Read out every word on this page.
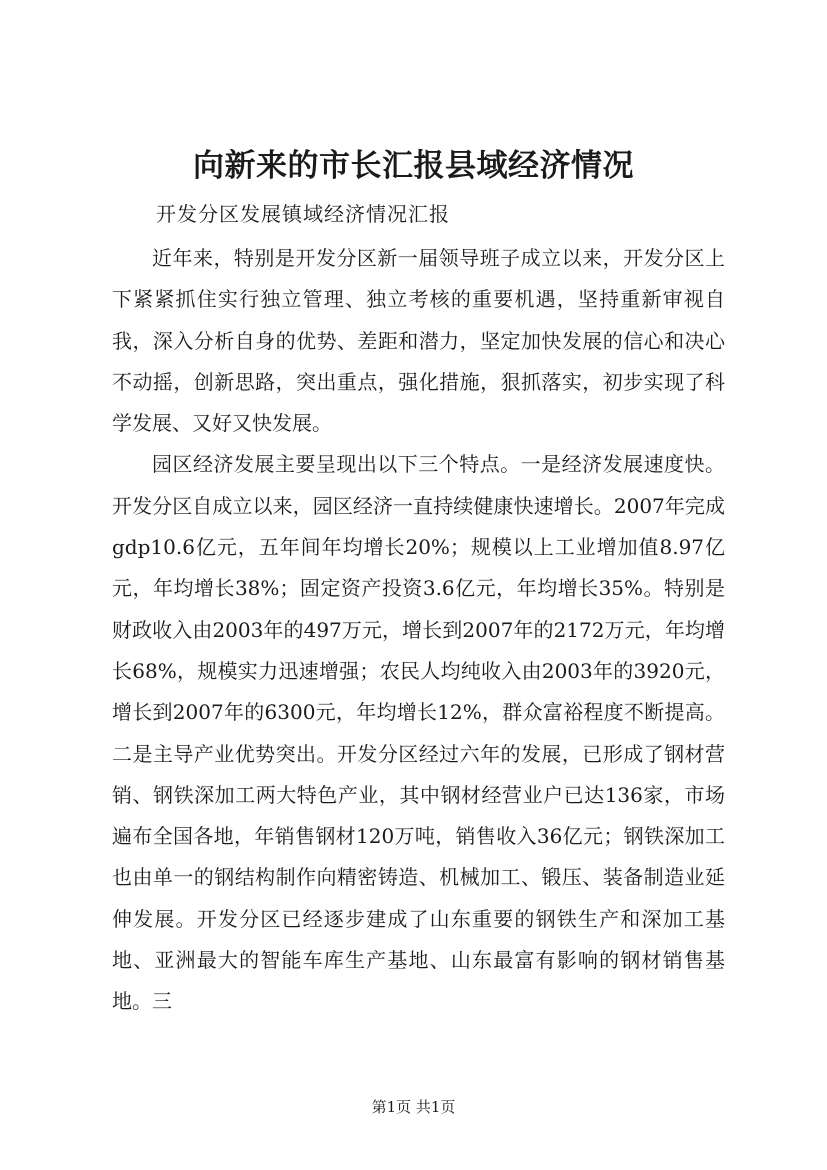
向新来的市长汇报县域经济情况
开发分区发展镇域经济情况汇报

近年来，特别是开发分区新一届领导班子成立以来，开发分区上下紧紧抓住实行独立管理、独立考核的重要机遇，坚持重新审视自我，深入分析自身的优势、差距和潜力，坚定加快发展的信心和决心不动摇，创新思路，突出重点，强化措施，狠抓落实，初步实现了科学发展、又好又快发展。

园区经济发展主要呈现出以下三个特点。一是经济发展速度快。开发分区自成立以来，园区经济一直持续健康快速增长。2007年完成gdp10.6亿元，五年间年均增长20%；规模以上工业增加值8.97亿元，年均增长38%；固定资产投资3.6亿元，年均增长35%。特别是财政收入由2003年的497万元，增长到2007年的2172万元，年均增长68%，规模实力迅速增强；农民人均纯收入由2003年的3920元，增长到2007年的6300元，年均增长12%，群众富裕程度不断提高。二是主导产业优势突出。开发分区经过六年的发展，已形成了钢材营销、钢铁深加工两大特色产业，其中钢材经营业户已达136家，市场遍布全国各地，年销售钢材120万吨，销售收入36亿元；钢铁深加工也由单一的钢结构制作向精密铸造、机械加工、锻压、装备制造业延伸发展。开发分区已经逐步建成了山东重要的钢铁生产和深加工基地、亚洲最大的智能车库生产基地、山东最富有影响的钢材销售基地。三

第1页 共1页
